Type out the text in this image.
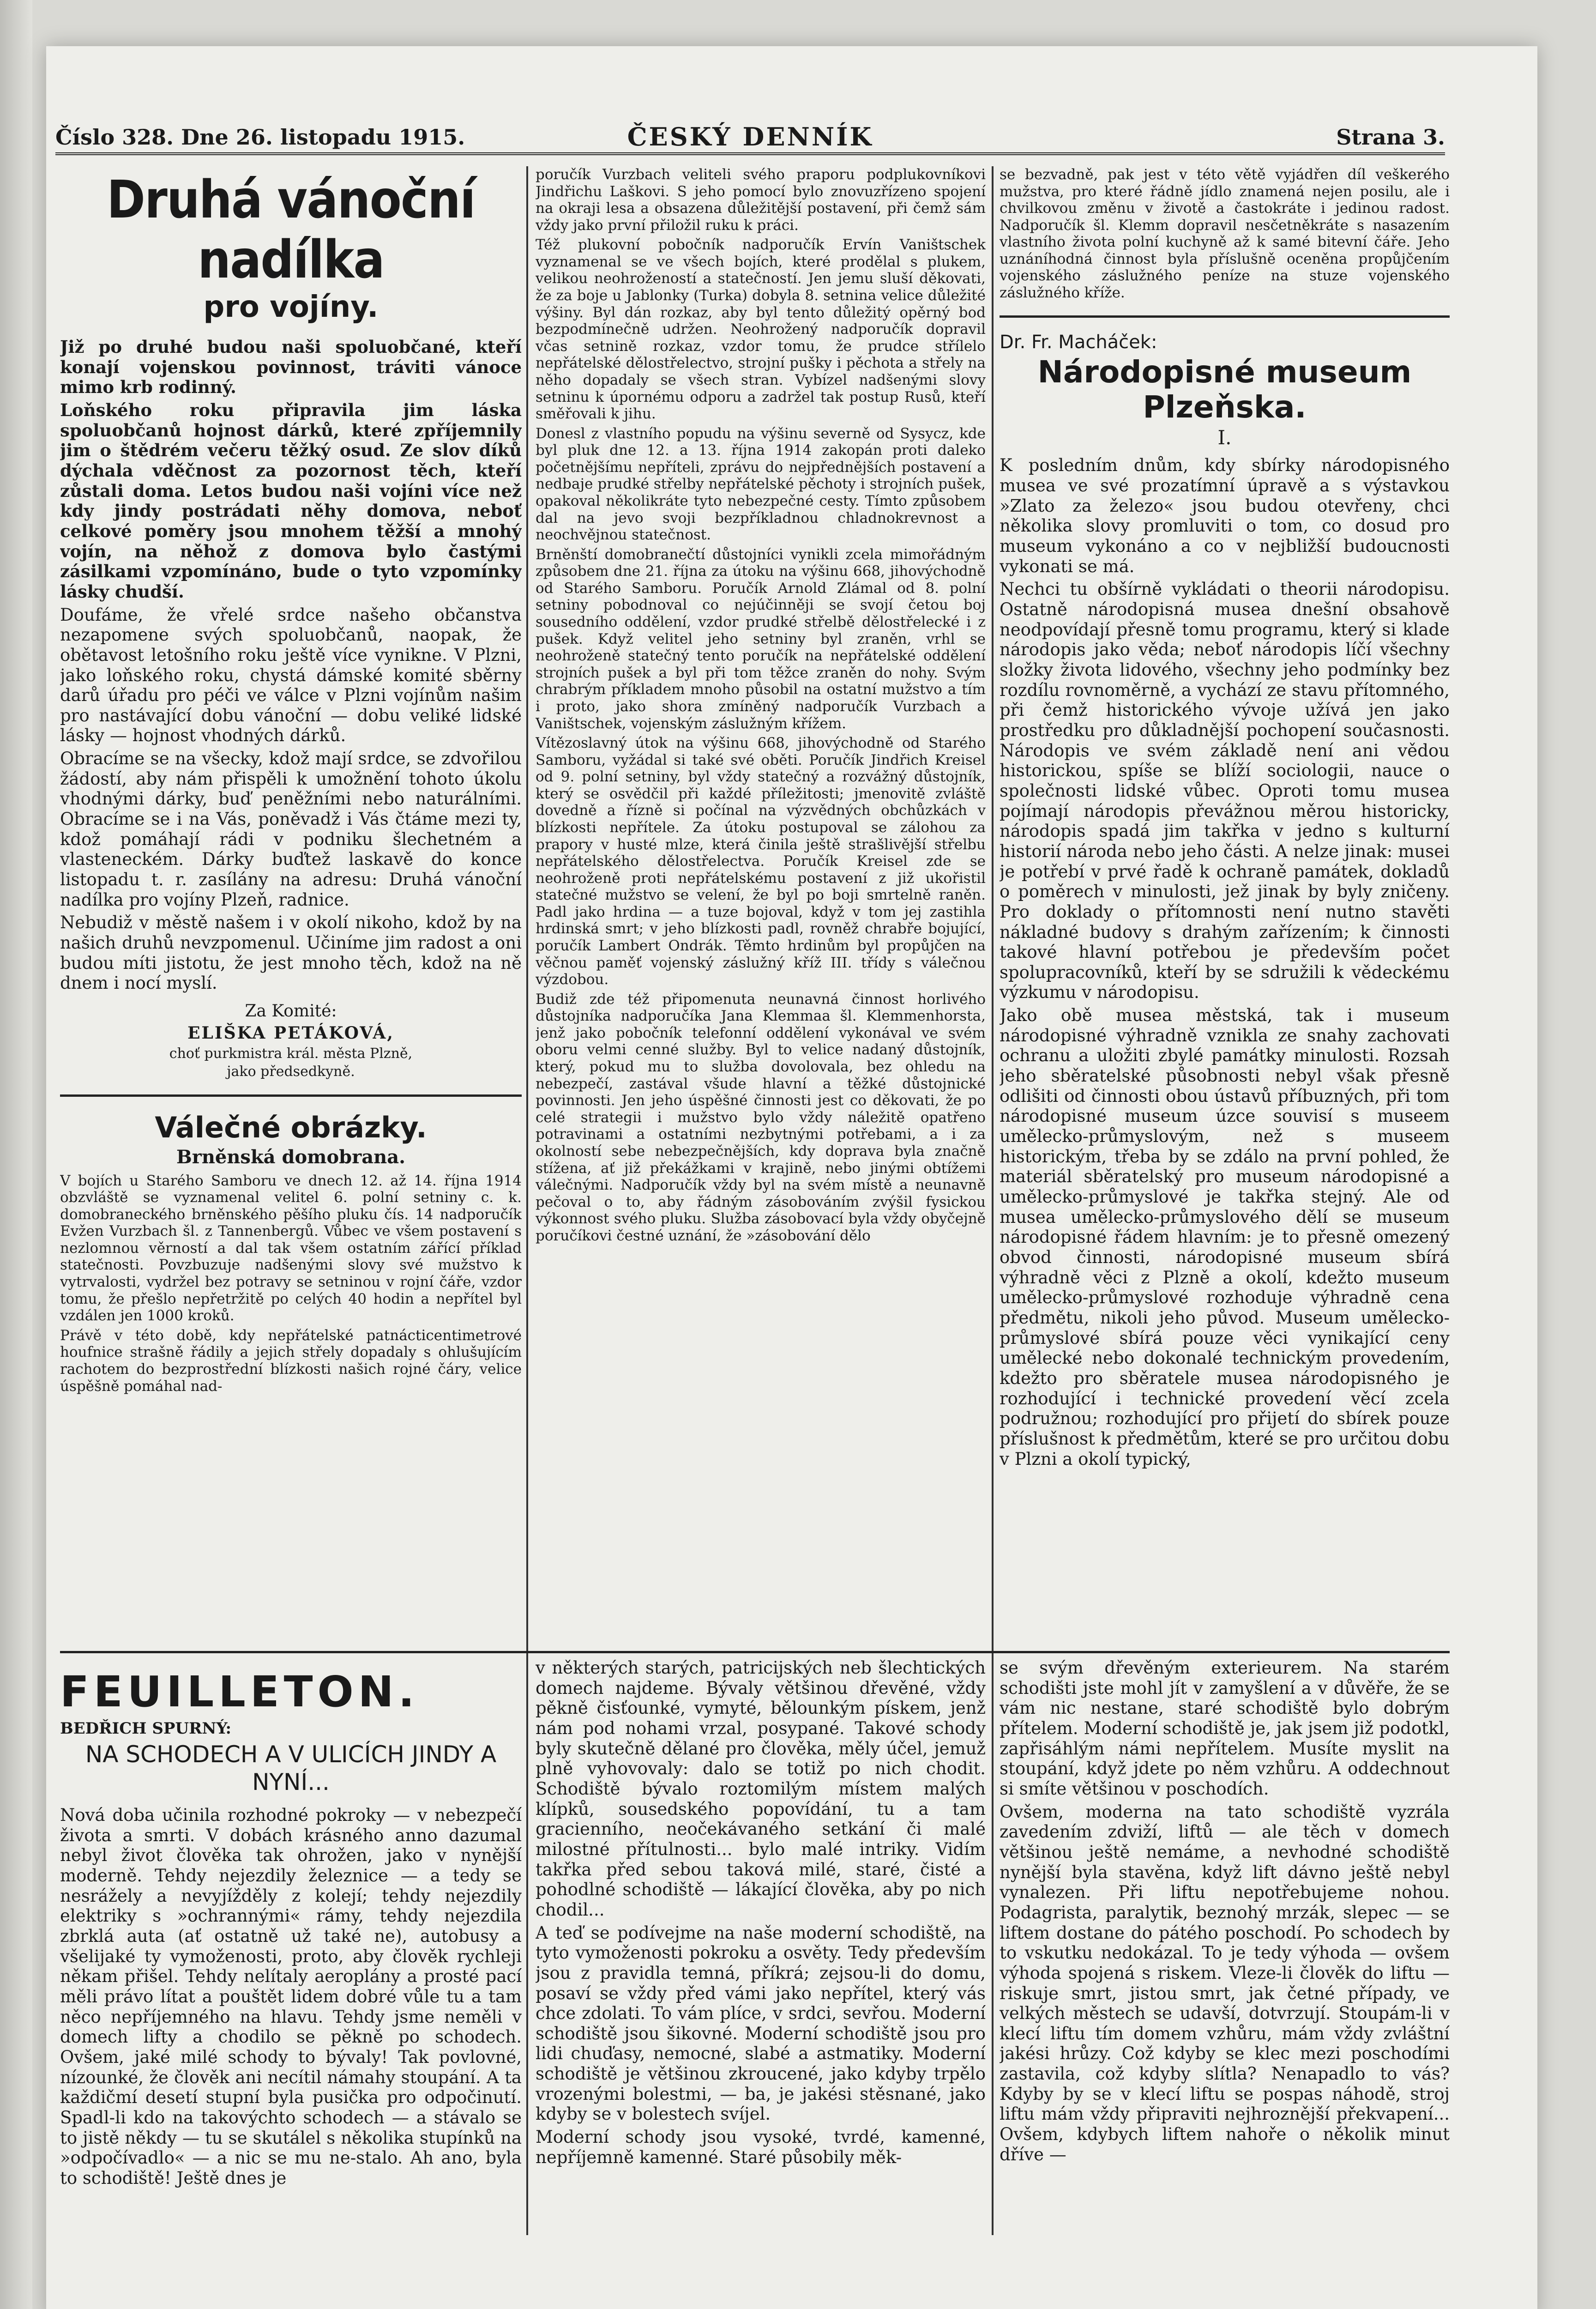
Číslo 328. Dne 26. listopadu 1915.	ČESKÝ DENNÍK	Strana 3.
Druhá vánoční nadílka
pro vojíny.

Již po druhé budou naši spoluobčané, kteří konají vojenskou povinnost, tráviti vánoce mimo krb rodinný.

Loňského roku připravila jim láska spoluobčanů hojnost dárků, které zpříjemnily jim o štědrém večeru těžký osud. Ze slov díků dýchala vděčnost za pozornost těch, kteří zůstali doma. Letos budou naši vojíni více než kdy jindy postrádati něhy domova, neboť celkové poměry jsou mnohem těžší a mnohý vojín, na něhož z domova bylo častými zásilkami vzpomínáno, bude o tyto vzpomínky lásky chudší.

Doufáme, že vřelé srdce našeho občanstva nezapomene svých spoluobčanů, naopak, že obětavost letošního roku ještě více vynikne. V Plzni, jako loňského roku, chystá dámské komité sběrny darů úřadu pro péči ve válce v Plzni vojínům našim pro nastávající dobu vánoční — dobu veliké lidské lásky — hojnost vhodných dárků.

Obracíme se na všecky, kdož mají srdce, se zdvořilou žádostí, aby nám přispěli k umožnění tohoto úkolu vhodnými dárky, buď peněžními nebo naturálními. Obracíme se i na Vás, poněvadž i Vás čtáme mezi ty, kdož pomáhají rádi v podniku šlechetném a vlasteneckém. Dárky buďtež laskavě do konce listopadu t. r. zasílány na adresu: Druhá vánoční nadílka pro vojíny Plzeň, radnice.

Nebudiž v městě našem i v okolí nikoho, kdož by na našich druhů nevzpomenul. Učiníme jim radost a oni budou míti jistotu, že jest mnoho těch, kdož na ně dnem i nocí myslí.

Za Komité:
ELIŠKA PETÁKOVÁ,
choť purkmistra král. města Plzně,
jako předsedkyně.
Válečné obrázky.
Brněnská domobrana.

V bojích u Starého Samboru ve dnech 12. až 14. října 1914 obzvláště se vyznamenal velitel 6. polní setniny c. k. domobraneckého brněnského pěšího pluku čís. 14 nadporučík Evžen Vurzbach šl. z Tannenbergů. Vůbec ve všem postavení s nezlomnou věrností a dal tak všem ostatním zářící příklad statečnosti. Povzbuzuje nadšenými slovy své mužstvo k vytrvalosti, vydržel bez potravy se setninou v rojní čáře, vzdor tomu, že přešlo nepřetržitě po celých 40 hodin a nepřítel byl vzdálen jen 1000 kroků.

Právě v této době, kdy nepřátelské patnácticentimetrové houfnice strašně řádily a jejich střely dopadaly s ohlušujícím rachotem do bezprostřední blízkosti našich rojné čáry, velice úspěšně pomáhal nad-

poručík Vurzbach veliteli svého praporu podplukovníkovi Jindřichu Laškovi. S jeho pomocí bylo znovuzřízeno spojení na okraji lesa a obsazena důležitější postavení, při čemž sám vždy jako první přiložil ruku k práci.

Též plukovní pobočník nadporučík Ervín Vaništschek vyznamenal se ve všech bojích, které prodělal s plukem, velikou neohrožeností a statečností. Jen jemu sluší děkovati, že za boje u Jablonky (Turka) dobyla 8. setnina velice důležité výšiny. Byl dán rozkaz, aby byl tento důležitý opěrný bod bezpodmínečně udržen. Neohrožený nadporučík dopravil včas setnině rozkaz, vzdor tomu, že prudce střílelo nepřátelské dělostřelectvo, strojní pušky i pěchota a střely na něho dopadaly se všech stran. Vybízel nadšenými slovy setninu k úpornému odporu a zadržel tak postup Rusů, kteří směřovali k jihu.

Donesl z vlastního popudu na výšinu severně od Sysycz, kde byl pluk dne 12. a 13. října 1914 zakopán proti daleko početnějšímu nepříteli, zprávu do nejpřednějších postavení a nedbaje prudké střelby nepřátelské pěchoty i strojních pušek, opakoval několikráte tyto nebezpečné cesty. Tímto způsobem dal na jevo svoji bezpříkladnou chladnokrevnost a neochvějnou statečnost.

Brněnští domobranečtí důstojníci vynikli zcela mimořádným způsobem dne 21. října za útoku na výšinu 668, jihovýchodně od Starého Samboru. Poručík Arnold Zlámal od 8. polní setniny pobodnoval co nejúčinněji se svojí četou boj sousedního oddělení, vzdor prudké střelbě dělostřelecké i z pušek. Když velitel jeho setniny byl zraněn, vrhl se neohroženě statečný tento poručík na nepřátelské oddělení strojních pušek a byl při tom těžce zraněn do nohy. Svým chrabrým příkladem mnoho působil na ostatní mužstvo a tím i proto, jako shora zmíněný nadporučík Vurzbach a Vaništschek, vojenským záslužným křížem.

Vítězoslavný útok na výšinu 668, jihovýchodně od Starého Samboru, vyžádal si také své oběti. Poručík Jindřich Kreisel od 9. polní setniny, byl vždy statečný a rozvážný důstojník, který se osvědčil při každé příležitosti; jmenovitě zvláště dovedně a řízně si počínal na výzvědných obchůzkách v blízkosti nepřítele. Za útoku postupoval se zálohou za prapory v husté mlze, která činila ještě strašlivější střelbu nepřátelského dělostřelectva. Poručík Kreisel zde se neohroženě proti nepřátelskému postavení z již ukořistil statečné mužstvo se velení, že byl po boji smrtelně raněn. Padl jako hrdina — a tuze bojoval, když v tom jej zastihla hrdinská smrt; v jeho blízkosti padl, rovněž chrabře bojující, poručík Lambert Ondrák. Těmto hrdinům byl propůjčen na věčnou paměť vojenský záslužný kříž III. třídy s válečnou výzdobou.

Budiž zde též připomenuta neunavná činnost horlivého důstojníka nadporučíka Jana Klemmaa šl. Klemmenhorsta, jenž jako pobočník telefonní oddělení vykonával ve svém oboru velmi cenné služby. Byl to velice nadaný důstojník, který, pokud mu to služba dovolovala, bez ohledu na nebezpečí, zastával všude hlavní a těžké důstojnické povinnosti. Jen jeho úspěšné činnosti jest co děkovati, že po celé strategii i mužstvo bylo vždy náležitě opatřeno potravinami a ostatními nezbytnými potřebami, a i za okolností sebe nebezpečnějších, kdy doprava byla značně stížena, ať již překážkami v krajině, nebo jinými obtížemi válečnými. Nadporučík vždy byl na svém místě a neunavně pečoval o to, aby řádným zásobováním zvýšil fysickou výkonnost svého pluku. Služba zásobovací byla vždy obyčejně poručíkovi čestné uznání, že »zásobování dělo

se bezvadně, pak jest v této větě vyjádřen díl veškerého mužstva, pro které řádně jídlo znamená nejen posilu, ale i chvilkovou změnu v životě a častokráte i jedinou radost. Nadporučík šl. Klemm dopravil nesčetněkráte s nasazením vlastního života polní kuchyně až k samé bitevní čáře. Jeho uznáníhodná činnost byla příslušně oceněna propůjčením vojenského záslužného peníze na stuze vojenského záslužného kříže.

Dr. Fr. Macháček:
Národopisné museum Plzeňska.
I.

K posledním dnům, kdy sbírky národopisného musea ve své prozatímní úpravě a s výstavkou »Zlato za železo« jsou budou otevřeny, chci několika slovy promluviti o tom, co dosud pro museum vykonáno a co v nejbližší budoucnosti vykonati se má.

Nechci tu obšírně vykládati o theorii národopisu. Ostatně národopisná musea dnešní obsahově neodpovídají přesně tomu programu, který si klade národopis jako věda; neboť národopis líčí všechny složky života lidového, všechny jeho podmínky bez rozdílu rovnoměrně, a vychází ze stavu přítomného, při čemž historického vývoje užívá jen jako prostředku pro důkladnější pochopení současnosti. Národopis ve svém základě není ani vědou historickou, spíše se blíží sociologii, nauce o společnosti lidské vůbec. Oproti tomu musea pojímají národopis převážnou měrou historicky, národopis spadá jim takřka v jedno s kulturní historií národa nebo jeho části. A nelze jinak: musei je potřebí v prvé řadě k ochraně památek, dokladů o poměrech v minulosti, jež jinak by byly zničeny. Pro doklady o přítomnosti není nutno stavěti nákladné budovy s drahým zařízením; k činnosti takové hlavní potřebou je především počet spolupracovníků, kteří by se sdružili k vědeckému výzkumu v národopisu.

Jako obě musea městská, tak i museum národopisné výhradně vznikla ze snahy zachovati ochranu a uložiti zbylé památky minulosti. Rozsah jeho sběratelské působnosti nebyl však přesně odlišiti od činnosti obou ústavů příbuzných, při tom národopisné museum úzce souvisí s museem umělecko-průmyslovým, než s museem historickým, třeba by se zdálo na první pohled, že materiál sběratelský pro museum národopisné a umělecko-průmyslové je takřka stejný. Ale od musea umělecko-průmyslového dělí se museum národopisné řádem hlavním: je to přesně omezený obvod činnosti, národopisné museum sbírá výhradně věci z Plzně a okolí, kdežto museum umělecko-průmyslové rozhoduje výhradně cena předmětu, nikoli jeho původ. Museum umělecko-průmyslové sbírá pouze věci vynikající ceny umělecké nebo dokonalé technickým provedením, kdežto pro sběratele musea národopisného je rozhodující i technické provedení věcí zcela podružnou; rozhodující pro přijetí do sbírek pouze příslušnost k předmětům, které se pro určitou dobu v Plzni a okolí typický,

FEUILLETON.
BEDŘICH SPURNÝ:
NA SCHODECH A V ULICÍCH JINDY A NYNÍ...

Nová doba učinila rozhodné pokroky — v nebezpečí života a smrti. V dobách krásného anno dazumal nebyl život člověka tak ohrožen, jako v nynější moderně. Tehdy nejezdily železnice — a tedy se nesrážely a nevyjížděly z kolejí; tehdy nejezdily elektriky s »ochrannými« rámy, tehdy nejezdila zbrklá auta (ať ostatně už také ne), autobusy a všelijaké ty vymoženosti, proto, aby člověk rychleji někam přišel. Tehdy nelítaly aeroplány a prosté pací měli právo lítat a pouštět lidem dobré vůle tu a tam něco nepříjemného na hlavu. Tehdy jsme neměli v domech lifty a chodilo se pěkně po schodech. Ovšem, jaké milé schody to bývaly! Tak povlovné, nízounké, že člověk ani necítil námahy stoupání. A ta každičmí desetí stupní byla pusička pro odpočinutí. Spadl-li kdo na takovýchto schodech — a stávalo se to jistě někdy — tu se skutálel s několika stupínků na »odpočívadlo« — a nic se mu ne-stalo. Ah ano, byla to schodiště! Ještě dnes je

v některých starých, patricijských neb šlechtických domech najdeme. Bývaly většinou dřevěné, vždy pěkně čisťounké, vymyté, bělounkým pískem, jenž nám pod nohami vrzal, posypané. Takové schody byly skutečně dělané pro člověka, měly účel, jemuž plně vyhovovaly: dalo se totiž po nich chodit. Schodiště bývalo roztomilým místem malých klípků, sousedského popovídání, tu a tam gracienního, neočekávaného setkání či malé milostné přítulnosti... bylo malé intriky. Vidím takřka před sebou taková milé, staré, čisté a pohodlné schodiště — lákající člověka, aby po nich chodil...

A teď se podívejme na naše moderní schodiště, na tyto vymoženosti pokroku a osvěty. Tedy především jsou z pravidla temná, příkrá; zejsou-li do domu, posaví se vždy před vámi jako nepřítel, který vás chce zdolati. To vám plíce, v srdci, sevřou. Moderní schodiště jsou šikovné. Moderní schodiště jsou pro lidi chuďasy, nemocné, slabé a astmatiky. Moderní schodiště je většinou zkroucené, jako kdyby trpělo vrozenými bolestmi, — ba, je jakési stěsnané, jako kdyby se v bolestech svíjel.

Moderní schody jsou vysoké, tvrdé, kamenné, nepříjemně kamenné. Staré působily měk-

se svým dřevěným exterieurem. Na starém schodišti jste mohl jít v zamyšlení a v důvěře, že se vám nic nestane, staré schodiště bylo dobrým přítelem. Moderní schodiště je, jak jsem již podotkl, zapřisáhlým námi nepřítelem. Musíte myslit na stoupání, když jdete po něm vzhůru. A oddechnout si smíte většinou v poschodích.

Ovšem, moderna na tato schodiště vyzrála zavedením zdviží, liftů — ale těch v domech většinou ještě nemáme, a nevhodné schodiště nynější byla stavěna, když lift dávno ještě nebyl vynalezen. Při liftu nepotřebujeme nohou. Podagrista, paralytik, beznohý mrzák, slepec — se liftem dostane do pátého poschodí. Po schodech by to vskutku nedokázal. To je tedy výhoda — ovšem výhoda spojená s riskem. Vleze-li člověk do liftu — riskuje smrt, jistou smrt, jak četné případy, ve velkých městech se udavší, dotvrzují. Stoupám-li v klecí liftu tím domem vzhůru, mám vždy zvláštní jakési hrůzy. Což kdyby se klec mezi poschodími zastavila, což kdyby slítla? Nenapadlo to vás? Kdyby by se v klecí liftu se pospas náhodě, stroj liftu mám vždy připraviti nejhroznější překvapení... Ovšem, kdybych liftem nahoře o několik minut dříve —
